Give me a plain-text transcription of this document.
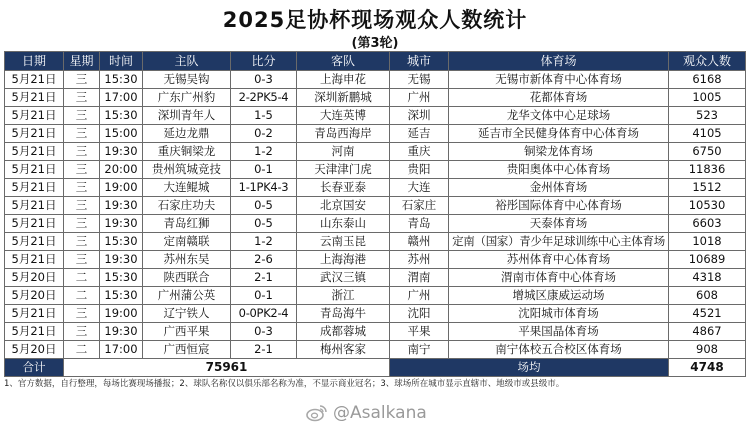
2025足协杯现场观众人数统计
(第3轮)
日期	星期	时间	主队	比分	客队	城市	体育场	观众人数
5月21日	三	15:30	无锡吴钩	0-3	上海申花	无锡	无锡市新体育中心体育场	6168
5月21日	三	17:00	广东广州豹	2-2PK5-4	深圳新鹏城	广州	花都体育场	1005
5月21日	三	15:30	深圳青年人	1-5	大连英博	深圳	龙华文体中心足球场	523
5月21日	三	15:00	延边龙鼎	0-2	青岛西海岸	延吉	延吉市全民健身体育中心体育场	4105
5月21日	三	19:30	重庆铜梁龙	1-2	河南	重庆	铜梁龙体育场	6750
5月21日	三	20:00	贵州筑城竞技	0-1	天津津门虎	贵阳	贵阳奥体中心体育场	11836
5月21日	三	19:00	大连鲲城	1-1PK4-3	长春亚泰	大连	金州体育场	1512
5月21日	三	19:30	石家庄功夫	0-5	北京国安	石家庄	裕彤国际体育中心体育场	10530
5月21日	三	19:30	青岛红狮	0-5	山东泰山	青岛	天泰体育场	6603
5月21日	三	15:30	定南赣联	1-2	云南玉昆	赣州	定南（国家）青少年足球训练中心主体育场	1018
5月21日	三	19:30	苏州东吴	2-6	上海海港	苏州	苏州体育中心体育场	10689
5月20日	二	15:30	陕西联合	2-1	武汉三镇	渭南	渭南市体育中心体育场	4318
5月20日	二	15:30	广州蒲公英	0-1	浙江	广州	增城区康威运动场	608
5月21日	三	19:00	辽宁铁人	0-0PK2-4	青岛海牛	沈阳	沈阳城市体育场	4521
5月21日	三	19:30	广西平果	0-3	成都蓉城	平果	平果国晶体育场	4867
5月20日	二	17:00	广西恒宸	2-1	梅州客家	南宁	南宁体校五合校区体育场	908
合计	75961					场均		4748
1、官方数据，自行整理，每场比赛现场播报；2、球队名称仅以俱乐部名称为准，不显示商业冠名；3、球场所在城市显示直辖市、地级市或县级市。
@Asalkana
